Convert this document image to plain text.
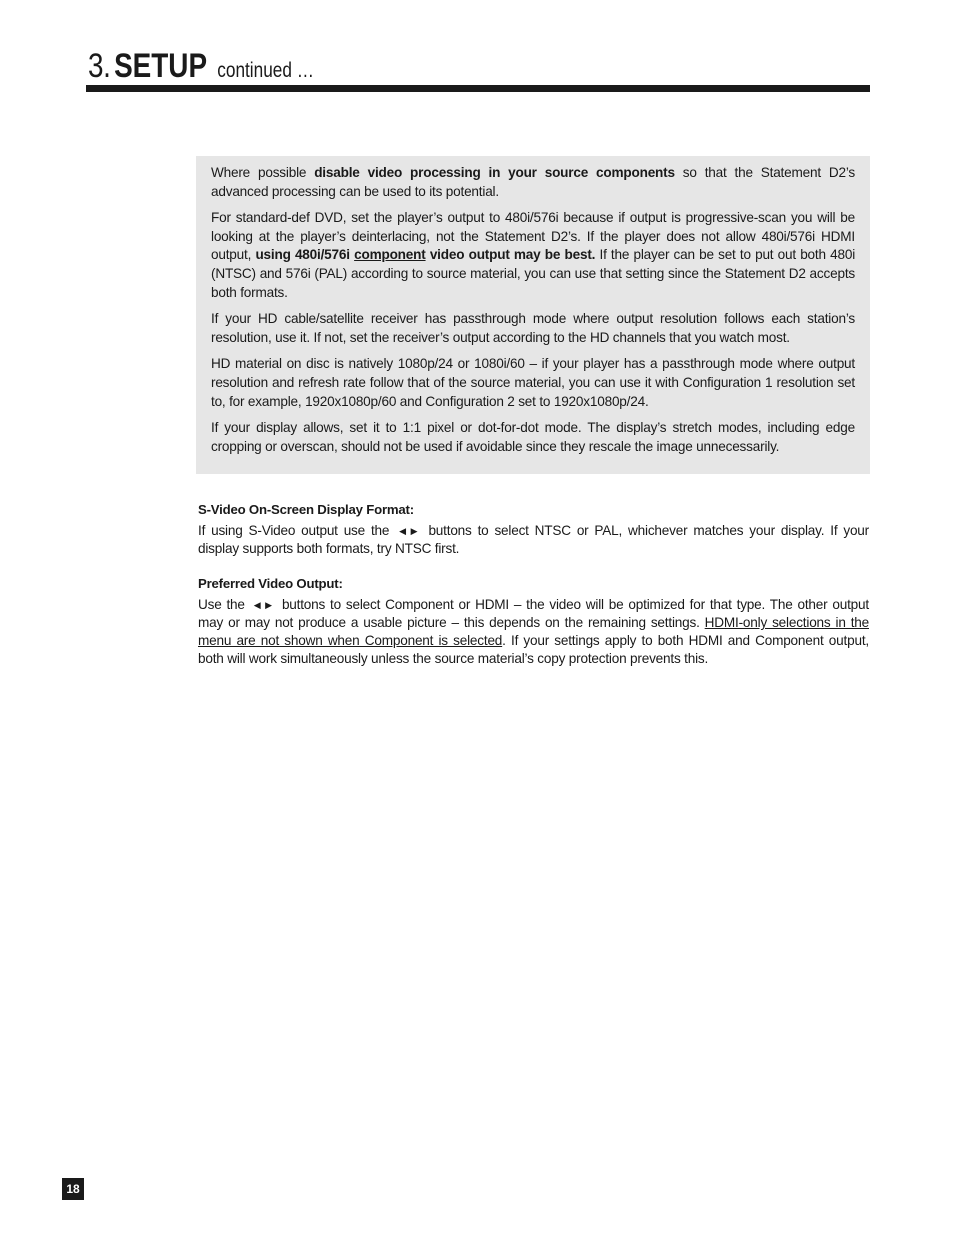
3. SETUP continued …

Where possible disable video processing in your source components so that the Statement D2’s advanced processing can be used to its potential.

For standard-def DVD, set the player’s output to 480i/576i because if output is progressive-scan you will be looking at the player’s deinterlacing, not the Statement D2’s. If the player does not allow 480i/576i HDMI output, using 480i/576i component video output may be best. If the player can be set to put out both 480i (NTSC) and 576i (PAL) according to source material, you can use that setting since the Statement D2 accepts both formats.

If your HD cable/satellite receiver has passthrough mode where output resolution follows each station’s resolution, use it. If not, set the receiver’s output according to the HD channels that you watch most.

HD material on disc is natively 1080p/24 or 1080i/60 – if your player has a passthrough mode where output resolution and refresh rate follow that of the source material, you can use it with Configuration 1 resolution set to, for example, 1920x1080p/60 and Configuration 2 set to 1920x1080p/24.

If your display allows, set it to 1:1 pixel or dot-for-dot mode. The display’s stretch modes, including edge cropping or overscan, should not be used if avoidable since they rescale the image unnecessarily.

S-Video On-Screen Display Format:

If using S-Video output use the ◀ ▶ buttons to select NTSC or PAL, whichever matches your display. If your display supports both formats, try NTSC first.

Preferred Video Output:

Use the ◀ ▶ buttons to select Component or HDMI – the video will be optimized for that type. The other output may or may not produce a usable picture – this depends on the remaining settings. HDMI-only selections in the menu are not shown when Component is selected. If your settings apply to both HDMI and Component output, both will work simultaneously unless the source material’s copy protection prevents this.

18
